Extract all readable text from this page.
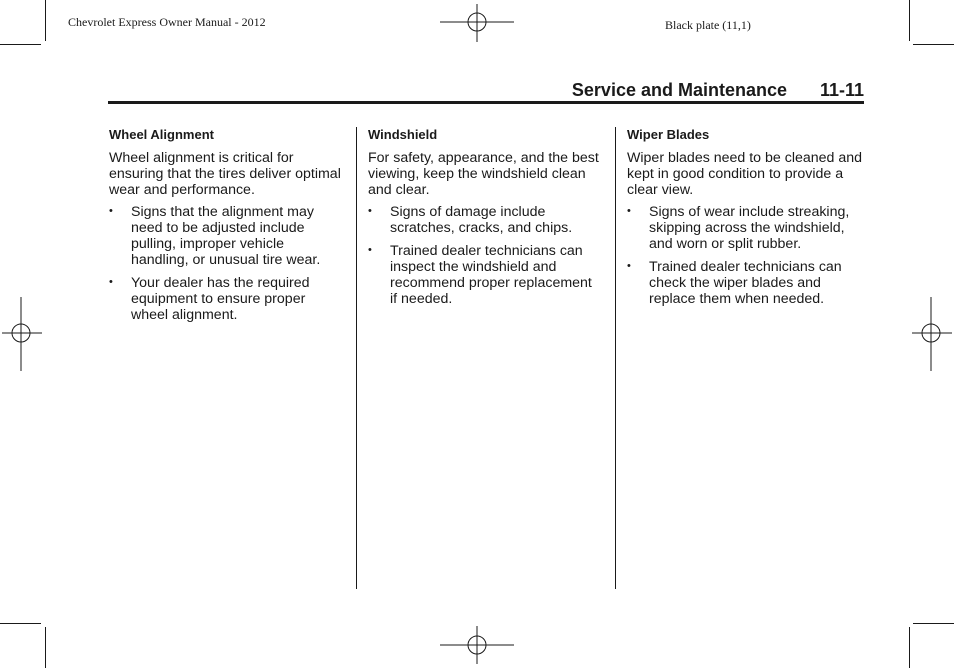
Chevrolet Express Owner Manual - 2012	Black plate (11,1)
Service and Maintenance 11-11
Wheel Alignment

Wheel alignment is critical for ensuring that the tires deliver optimal wear and performance.

• Signs that the alignment may need to be adjusted include pulling, improper vehicle handling, or unusual tire wear.
• Your dealer has the required equipment to ensure proper wheel alignment.
Windshield

For safety, appearance, and the best viewing, keep the windshield clean and clear.

• Signs of damage include scratches, cracks, and chips.
• Trained dealer technicians can inspect the windshield and recommend proper replacement if needed.
Wiper Blades

Wiper blades need to be cleaned and kept in good condition to provide a clear view.

• Signs of wear include streaking, skipping across the windshield, and worn or split rubber.
• Trained dealer technicians can check the wiper blades and replace them when needed.
